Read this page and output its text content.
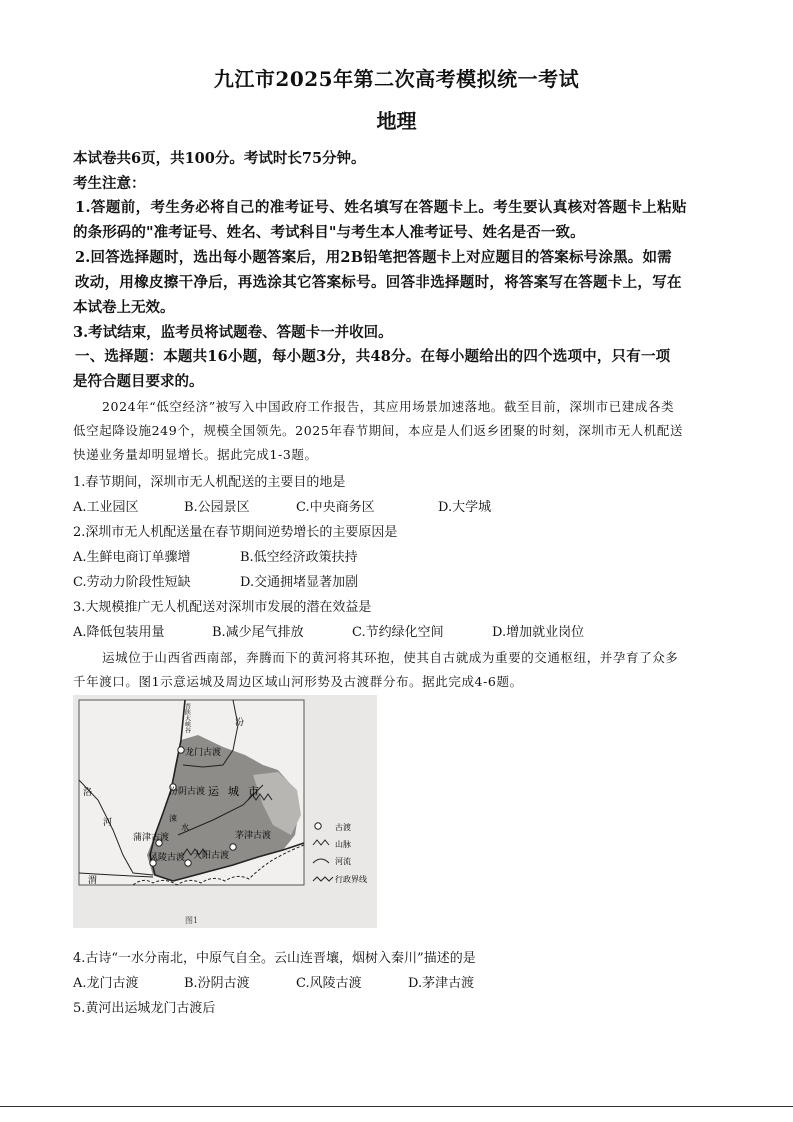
九江市2025年第二次高考模拟统一考试
地理
本试卷共6页，共100分。考试时长75分钟。
考生注意：
1.答题前，考生务必将自己的准考证号、姓名填写在答题卡上。考生要认真核对答题卡上粘贴
的条形码的"准考证号、姓名、考试科目"与考生本人准考证号、姓名是否一致。
2.回答选择题时，选出每小题答案后，用2B铅笔把答题卡上对应题目的答案标号涂黑。如需
改动，用橡皮擦干净后，再选涂其它答案标号。回答非选择题时，将答案写在答题卡上，写在
本试卷上无效。
3.考试结束，监考员将试题卷、答题卡一并收回。
一、选择题：本题共16小题，每小题3分，共48分。在每小题给出的四个选项中，只有一项
是符合题目要求的。
2024年“低空经济”被写入中国政府工作报告，其应用场景加速落地。截至目前，深圳市已建成各类
低空起降设施249个，规模全国领先。2025年春节期间，本应是人们返乡团聚的时刻，深圳市无人机配送
快递业务量却明显增长。据此完成1-3题。
1.春节期间，深圳市无人机配送的主要目的地是
A.工业园区	B.公园景区	C.中央商务区	D.大学城
2.深圳市无人机配送量在春节期间逆势增长的主要原因是
A.生鲜电商订单骤增	B.低空经济政策扶持
C.劳动力阶段性短缺	D.交通拥堵显著加剧
3.大规模推广无人机配送对深圳市发展的潜在效益是
A.降低包装用量	B.减少尾气排放	C.节约绿化空间	D.增加就业岗位
运城位于山西省西南部，奔腾而下的黄河将其环抱，使其自古就成为重要的交通枢纽，并孕育了众多
千年渡口。图1示意运城及周边区域山河形势及古渡群分布。据此完成4-6题。
龙门古渡
汾阴古渡
蒲津古渡
风陵古渡 大阳古渡
茅津古渡
运城市
汾
洛
河
渭
涑
水
晋陕大峡谷
古渡
山脉
河流
行政界线
图1
4.古诗“一水分南北，中原气自全。云山连晋壤，烟树入秦川”描述的是
A.龙门古渡	B.汾阴古渡	C.风陵古渡	D.茅津古渡
5.黄河出运城龙门古渡后
